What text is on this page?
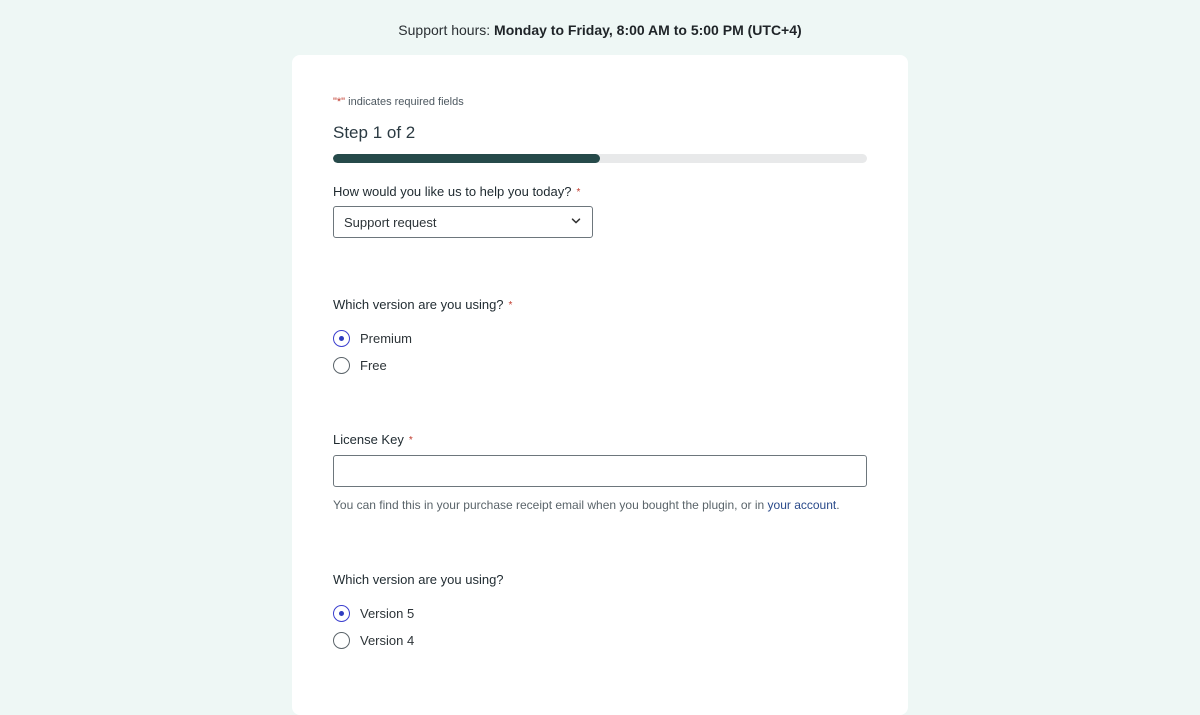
Support hours: Monday to Friday, 8:00 AM to 5:00 PM (UTC+4)
"*" indicates required fields
Step 1 of 2
How would you like us to help you today? *
Support request
Which version are you using? *
Premium
Free
License Key *
You can find this in your purchase receipt email when you bought the plugin, or in your account.
Which version are you using?
Version 5
Version 4
